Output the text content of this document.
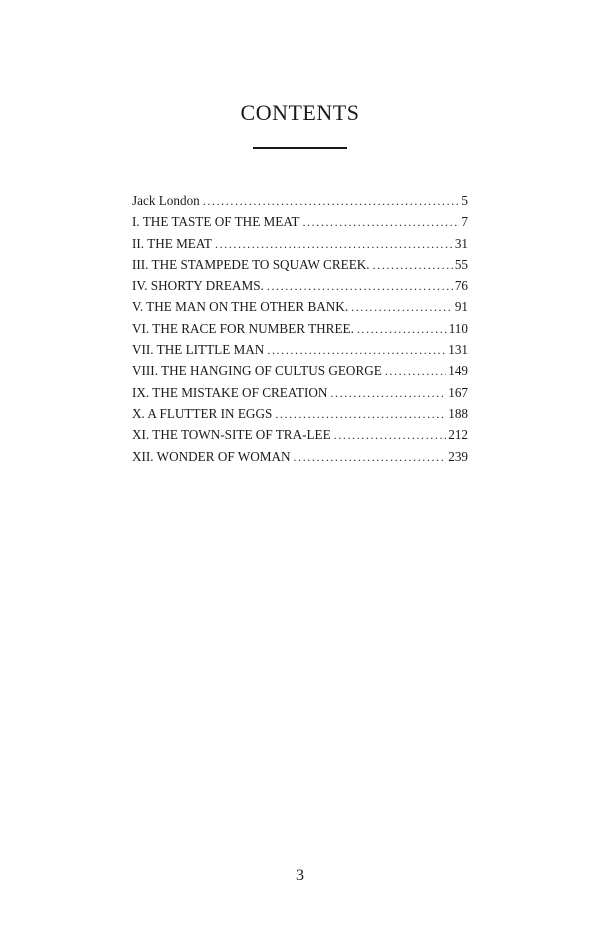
CONTENTS
Jack London . . .	5
I. THE TASTE OF THE MEAT . . .	7
II. THE MEAT . . .	31
III. THE STAMPEDE TO SQUAW CREEK. . . .	55
IV. SHORTY DREAMS. . . .	76
V. THE MAN ON THE OTHER BANK. . . .	91
VI. THE RACE FOR NUMBER THREE. . . .	110
VII. THE LITTLE MAN . . .	131
VIII. THE HANGING OF CULTUS GEORGE . . .	149
IX. THE MISTAKE OF CREATION . . .	167
X. A FLUTTER IN EGGS . . .	188
XI. THE TOWN-SITE OF TRA-LEE . . .	212
XII. WONDER OF WOMAN . . .	239
3
